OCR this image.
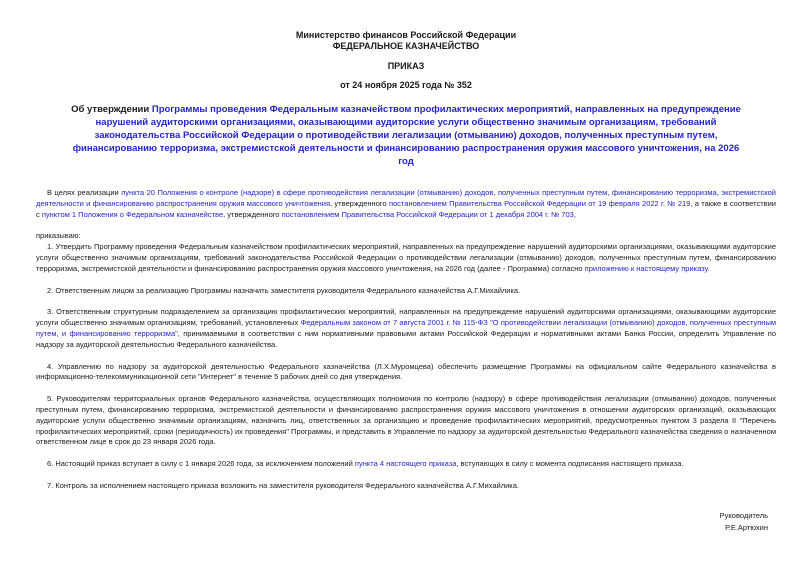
Министерство финансов Российской Федерации
ФЕДЕРАЛЬНОЕ КАЗНАЧЕЙСТВО
ПРИКАЗ
от 24 ноября 2025 года № 352
Об утверждении Программы проведения Федеральным казначейством профилактических мероприятий, направленных на предупреждение нарушений аудиторскими организациями, оказывающими аудиторские услуги общественно значимым организациям, требований законодательства Российской Федерации о противодействии легализации (отмыванию) доходов, полученных преступным путем, финансированию терроризма, экстремистской деятельности и финансированию распространения оружия массового уничтожения, на 2026 год

В целях реализации пункта 20 Положения о контроле (надзоре) в сфере противодействия легализации (отмыванию) доходов, полученных преступным путем, финансированию терроризма, экстремистской деятельности и финансированию распространения оружия массового уничтожения, утвержденного постановлением Правительства Российской Федерации от 19 февраля 2022 г. № 219, а также в соответствии с пунктом 1 Положения о Федеральном казначействе, утвержденного постановлением Правительства Российской Федерации от 1 декабря 2004 г. № 703,

приказываю:

1. Утвердить Программу проведения Федеральным казначейством профилактических мероприятий, направленных на предупреждение нарушений аудиторскими организациями, оказывающими аудиторские услуги общественно значимым организациям, требований законодательства Российской Федерации о противодействии легализации (отмыванию) доходов, полученных преступным путем, финансированию терроризма, экстремистской деятельности и финансированию распространения оружия массового уничтожения, на 2026 год (далее - Программа) согласно приложению к настоящему приказу.

2. Ответственным лицом за реализацию Программы назначить заместителя руководителя Федерального казначейства А.Г.Михайлика.

3. Ответственным структурным подразделением за организацию профилактических мероприятий, направленных на предупреждение нарушений аудиторскими организациями, оказывающими аудиторские услуги общественно значимым организациям, требований, установленных Федеральным законом от 7 августа 2001 г. № 115-ФЗ "О противодействии легализации (отмыванию) доходов, полученных преступным путем, и финансированию терроризма", принимаемыми в соответствии с ним нормативными правовыми актами Российской Федерации и нормативными актами Банка России, определить Управление по надзору за аудиторской деятельностью Федерального казначейства.

4. Управлению по надзору за аудиторской деятельностью Федерального казначейства (Л.Х.Муромцева) обеспечить размещение Программы на официальном сайте Федерального казначейства в информационно-телекоммуникационной сети "Интернет" в течение 5 рабочих дней со дня утверждения.

5. Руководителям территориальных органов Федерального казначейства, осуществляющих полномочия по контролю (надзору) в сфере противодействия легализации (отмыванию) доходов, полученных преступным путем, финансированию терроризма, экстремистской деятельности и финансированию распространения оружия массового уничтожения в отношении аудиторских организаций, оказывающих аудиторские услуги общественно значимым организациям, назначить лиц, ответственных за организацию и проведение профилактических мероприятий, предусмотренных пунктом 3 раздела II "Перечень профилактических мероприятий, сроки (периодичность) их проведения" Программы, и представить в Управление по надзору за аудиторской деятельностью Федерального казначейства сведения о назначенном ответственном лице в срок до 23 января 2026 года.

6. Настоящий приказ вступает в силу с 1 января 2026 года, за исключением положений пункта 4 настоящего приказа, вступающих в силу с момента подписания настоящего приказа.

7. Контроль за исполнением настоящего приказа возложить на заместителя руководителя Федерального казначейства А.Г.Михайлика.

Руководитель
Р.Е.Артюхин
